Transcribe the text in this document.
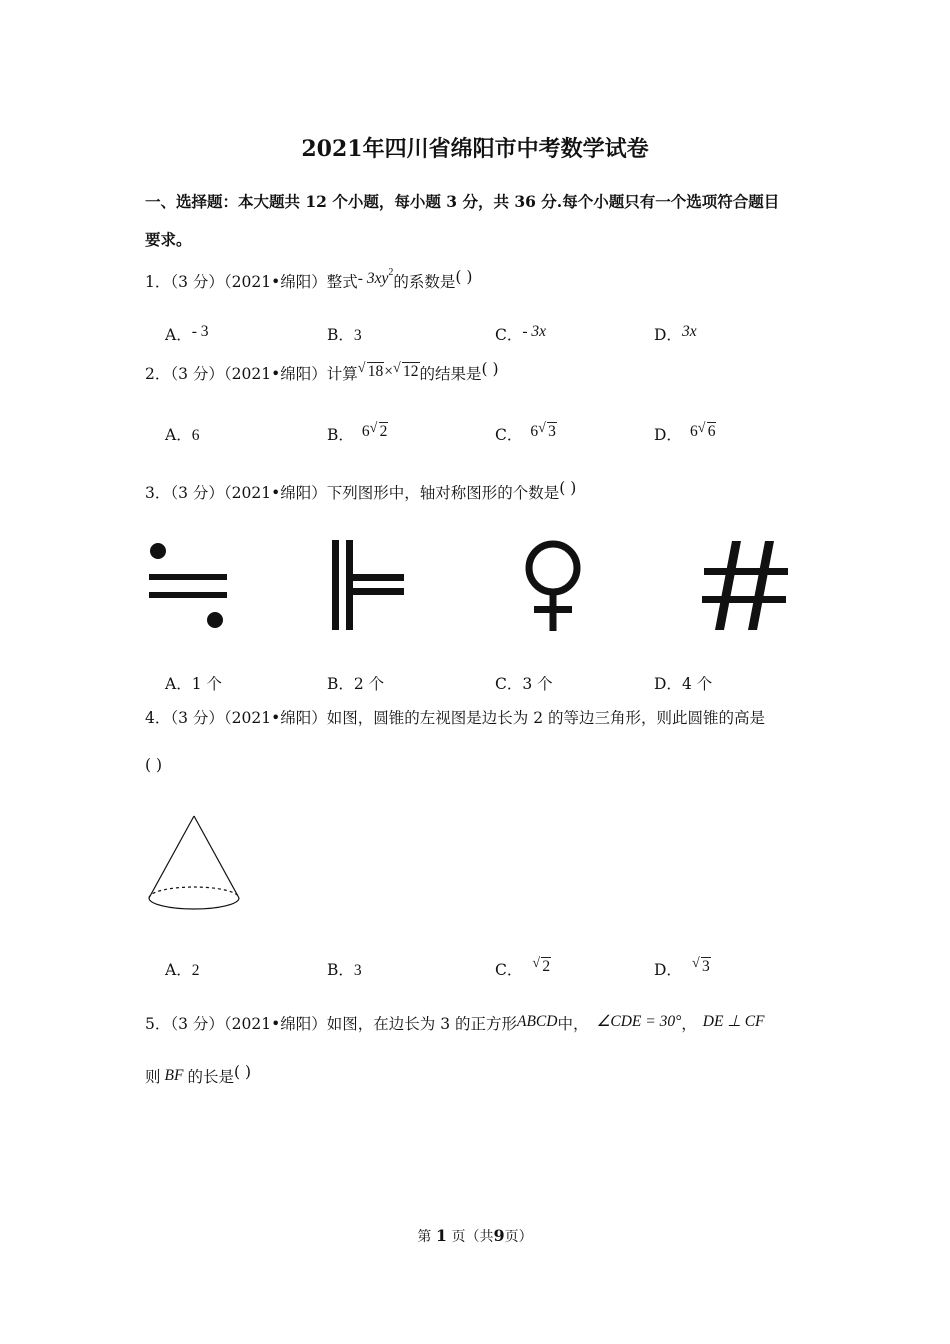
2021年四川省绵阳市中考数学试卷
一、选择题：本大题共 12 个小题，每小题 3 分，共 36 分.每个小题只有一个选项符合题目
要求。
1．（3 分）（2021•绵阳）整式- $3xy^2$的系数是( )
A．- 3	B．3	C．- 3x	D．3x
2．（3 分）（2021•绵阳）计算 √ 18× √ 12的结果是( )
A．6	B． 6 √ 2	C． 6 √ 3	D． 6 √ 6
3．（3 分）（2021•绵阳）下列图形中，轴对称图形的个数是( )
A．1 个	B．2 个	C．3 个	D．4 个
4．（3 分）（2021•绵阳）如图，圆锥的左视图是边长为 2 的等边三角形，则此圆锥的高是
( )
A．2	B．3	C． √ 2	D． √ 3
5．（3 分）（2021•绵阳）如图，在边长为 3 的正方形ABCD中， ∠CDE = 30°， DE ⊥ CF
则 BF 的长是( )
第 1 页（共9页）
